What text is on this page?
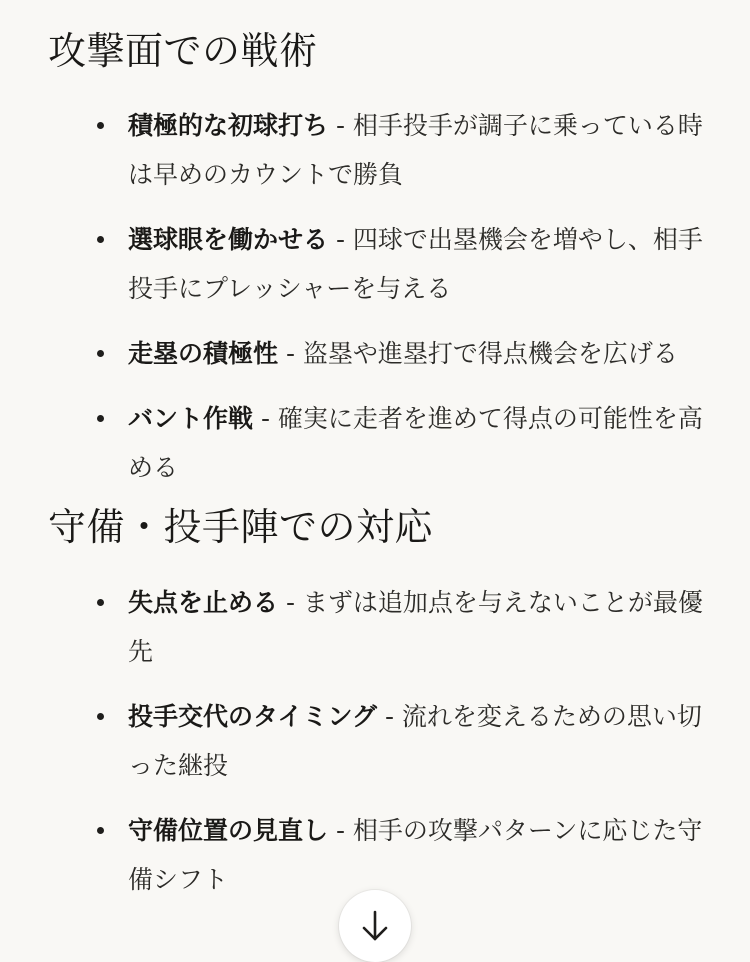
攻撃面での戦術
積極的な初球打ち - 相手投手が調子に乗っている時は早めのカウントで勝負
選球眼を働かせる - 四球で出塁機会を増やし、相手投手にプレッシャーを与える
走塁の積極性 - 盗塁や進塁打で得点機会を広げる
バント作戦 - 確実に走者を進めて得点の可能性を高める
守備・投手陣での対応
失点を止める - まずは追加点を与えないことが最優先
投手交代のタイミング - 流れを変えるための思い切った継投
守備位置の見直し - 相手の攻撃パターンに応じた守備シフト
